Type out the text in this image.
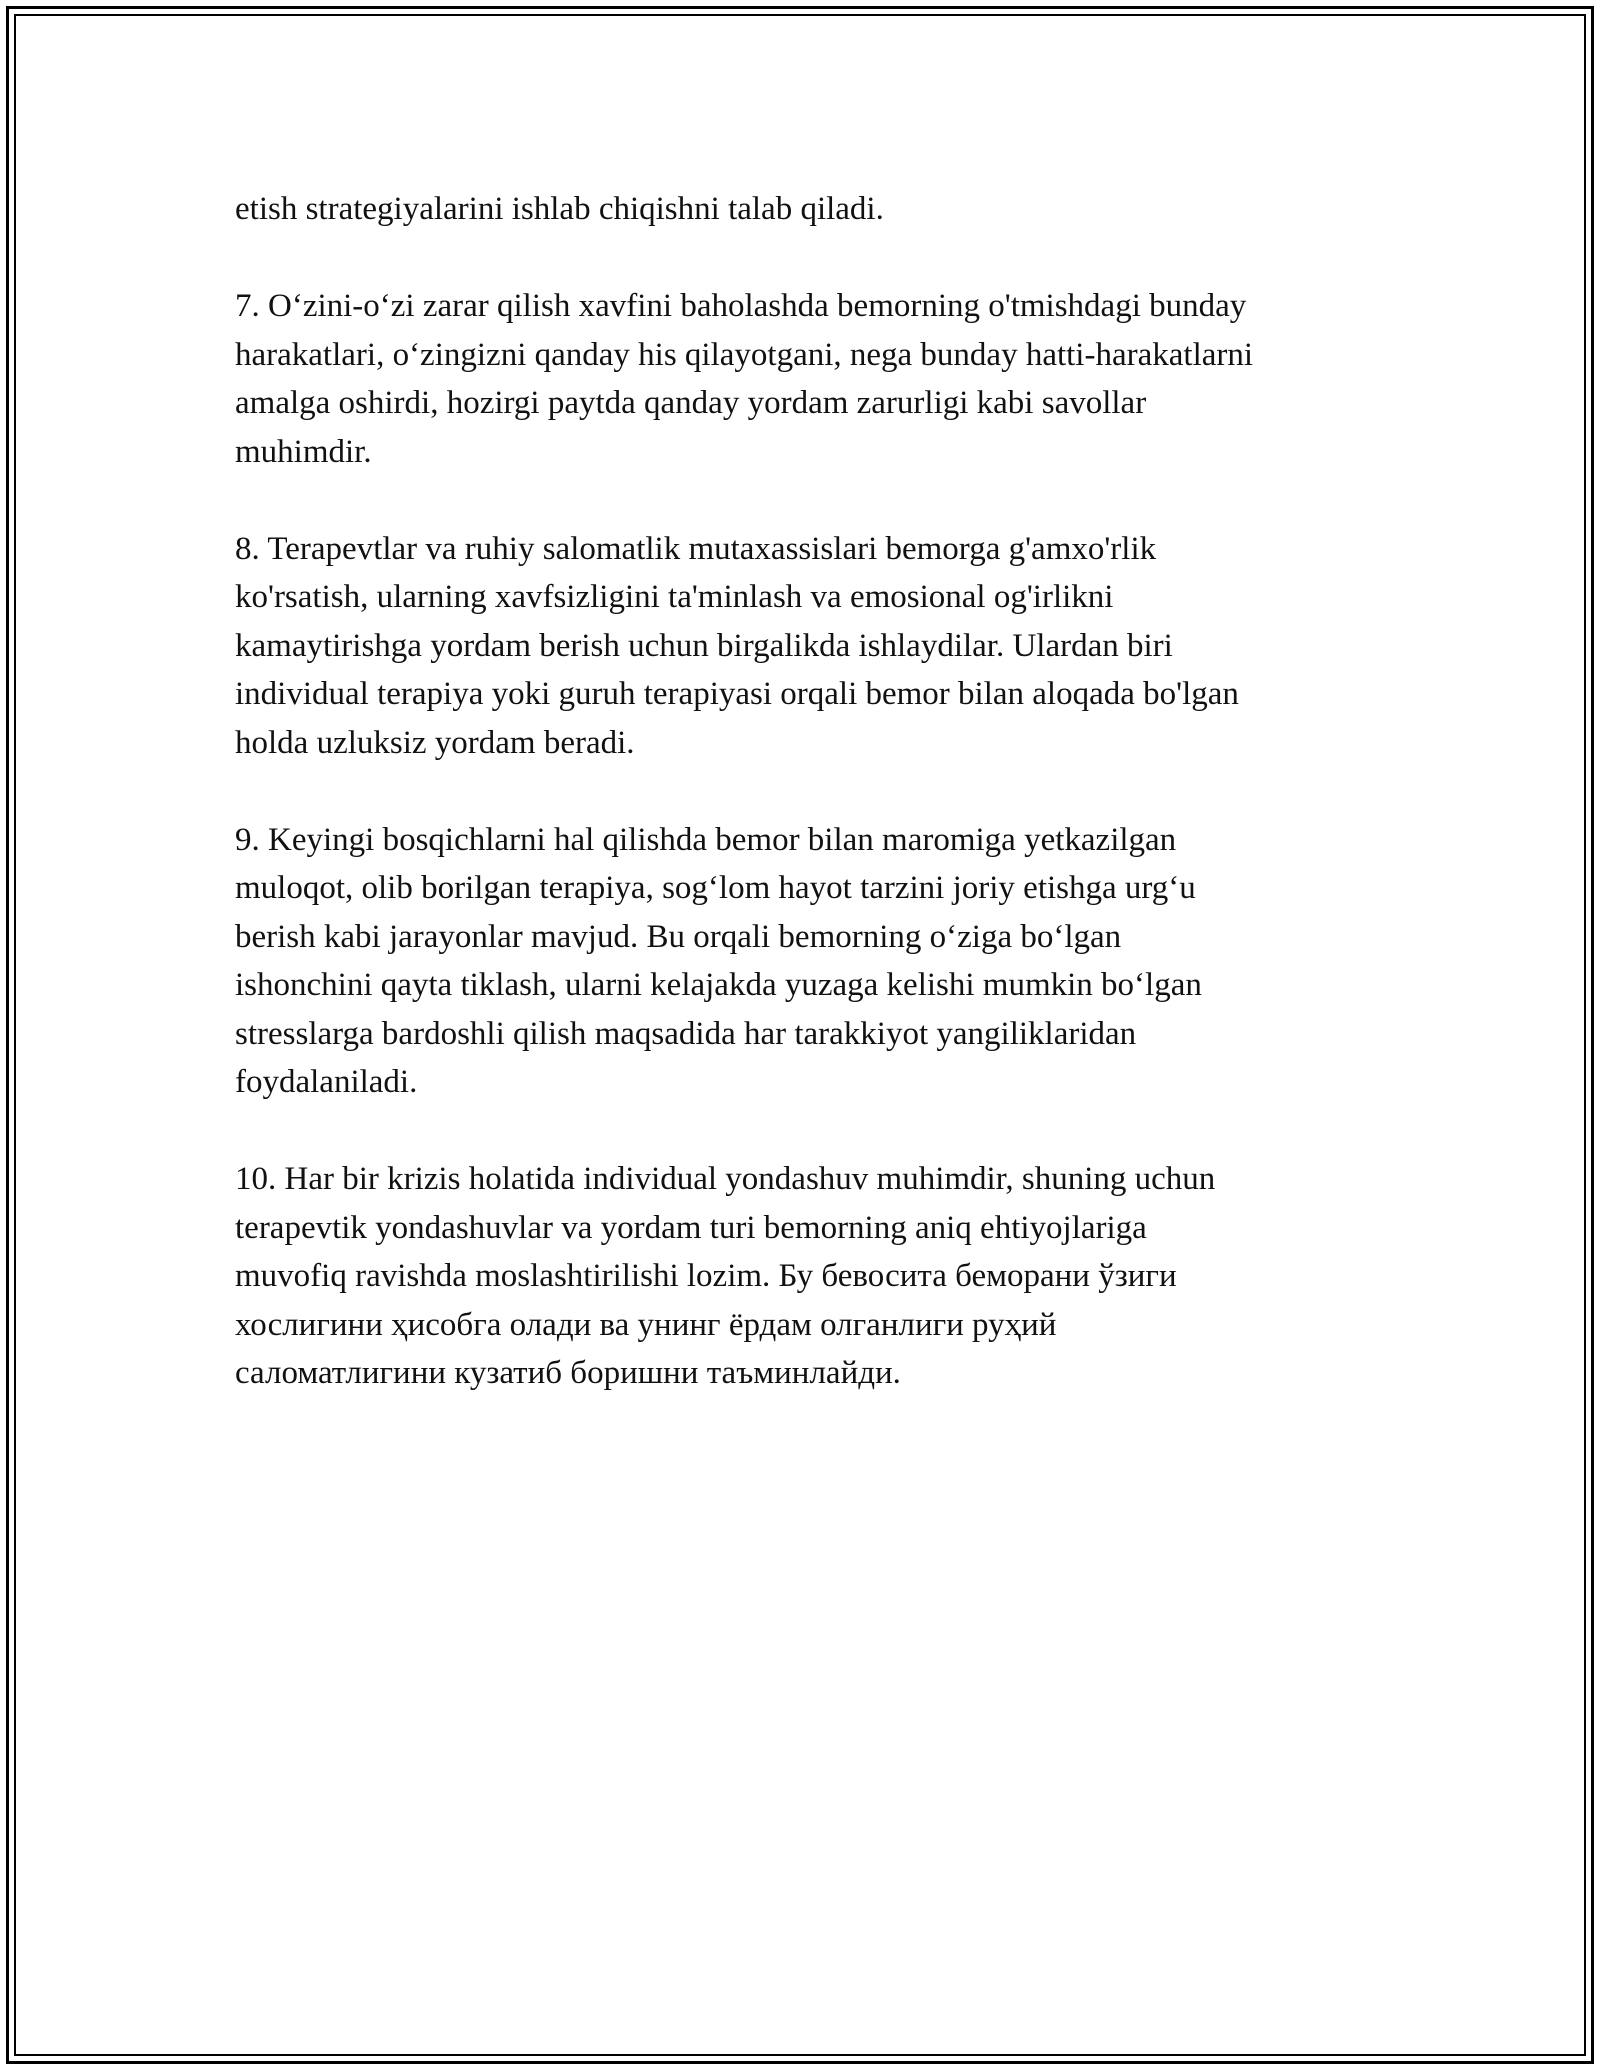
etish strategiyalarini ishlab chiqishni talab qiladi.

7. O‘zini-o‘zi zarar qilish xavfini baholashda bemorning o'tmishdagi bunday
harakatlari, o‘zingizni qanday his qilayotgani, nega bunday hatti-harakatlarni
amalga oshirdi, hozirgi paytda qanday yordam zarurligi kabi savollar
muhimdir.

8. Terapevtlar va ruhiy salomatlik mutaxassislari bemorga g'amxo'rlik
ko'rsatish, ularning xavfsizligini ta'minlash va emosional og'irlikni
kamaytirishga yordam berish uchun birgalikda ishlaydilar. Ulardan biri
individual terapiya yoki guruh terapiyasi orqali bemor bilan aloqada bo'lgan
holda uzluksiz yordam beradi.

9. Keyingi bosqichlarni hal qilishda bemor bilan maromiga yetkazilgan
muloqot, olib borilgan terapiya, sog‘lom hayot tarzini joriy etishga urg‘u
berish kabi jarayonlar mavjud. Bu orqali bemorning o‘ziga bo‘lgan
ishonchini qayta tiklash, ularni kelajakda yuzaga kelishi mumkin bo‘lgan
stresslarga bardoshli qilish maqsadida har tarakkiyot yangiliklaridan
foydalaniladi.

10. Har bir krizis holatida individual yondashuv muhimdir, shuning uchun
terapevtik yondashuvlar va yordam turi bemorning aniq ehtiyojlariga
muvofiq ravishda moslashtirilishi lozim. Бу бевосита беморани ўзиги
хослигини ҳисобга олади ва унинг ёрдам олганлиги руҳий
саломатлигини кузатиб боришни таъминлайди.
